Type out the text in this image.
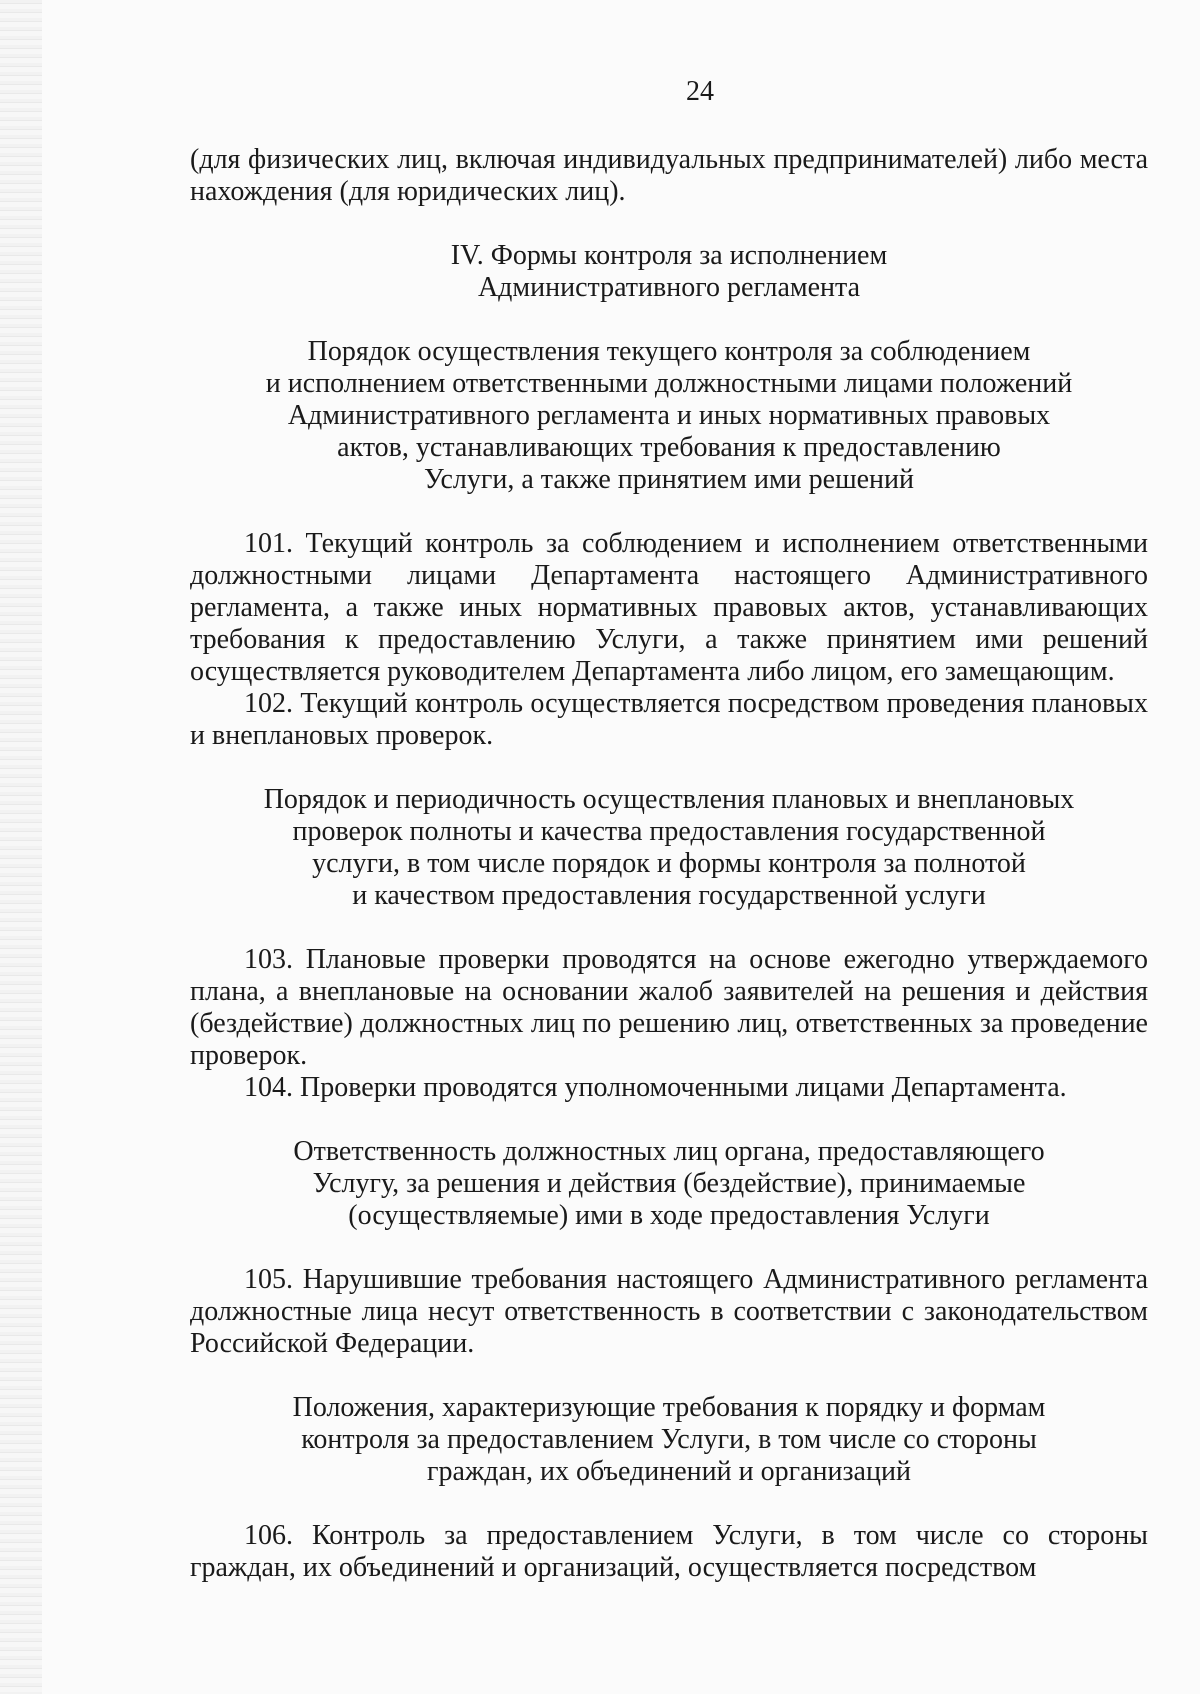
24
(для физических лиц, включая индивидуальных предпринимателей) либо места нахождения (для юридических лиц).
IV. Формы контроля за исполнением
Административного регламента
Порядок осуществления текущего контроля за соблюдением
и исполнением ответственными должностными лицами положений
Административного регламента и иных нормативных правовых
актов, устанавливающих требования к предоставлению
Услуги, а также принятием ими решений
101. Текущий контроль за соблюдением и исполнением ответственными должностными лицами Департамента настоящего Административного регламента, а также иных нормативных правовых актов, устанавливающих требования к предоставлению Услуги, а также принятием ими решений осуществляется руководителем Департамента либо лицом, его замещающим.
102. Текущий контроль осуществляется посредством проведения плановых и внеплановых проверок.
Порядок и периодичность осуществления плановых и внеплановых
проверок полноты и качества предоставления государственной
услуги, в том числе порядок и формы контроля за полнотой
и качеством предоставления государственной услуги
103. Плановые проверки проводятся на основе ежегодно утверждаемого плана, а внеплановые на основании жалоб заявителей на решения и действия (бездействие) должностных лиц по решению лиц, ответственных за проведение проверок.
104. Проверки проводятся уполномоченными лицами Департамента.
Ответственность должностных лиц органа, предоставляющего
Услугу, за решения и действия (бездействие), принимаемые
(осуществляемые) ими в ходе предоставления Услуги
105. Нарушившие требования настоящего Административного регламента должностные лица несут ответственность в соответствии с законодательством Российской Федерации.
Положения, характеризующие требования к порядку и формам
контроля за предоставлением Услуги, в том числе со стороны
граждан, их объединений и организаций
106. Контроль за предоставлением Услуги, в том числе со стороны граждан, их объединений и организаций, осуществляется посредством
